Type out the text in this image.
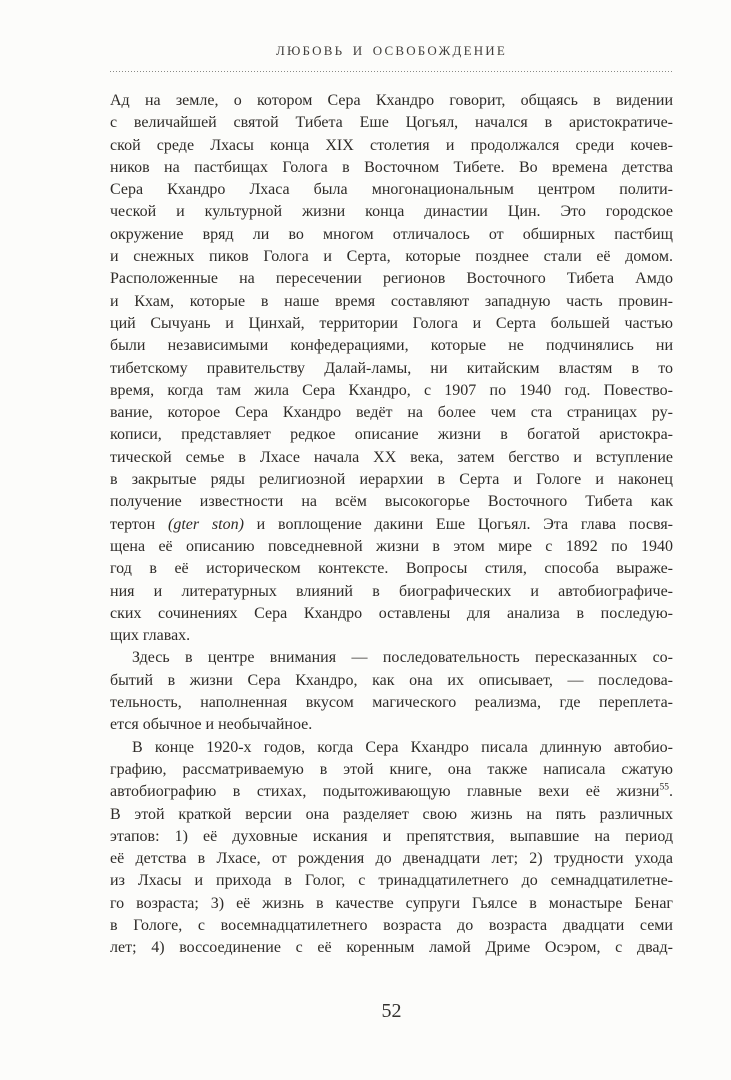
ЛЮБОВЬ И ОСВОБОЖДЕНИЕ
Ад на земле, о котором Сера Кхандро говорит, общаясь в видении
с величайшей святой Тибета Еше Цогьял, начался в аристократиче-
ской среде Лхасы конца XIX столетия и продолжался среди кочев-
ников на пастбищах Голога в Восточном Тибете. Во времена детства
Сера Кхандро Лхаса была многонациональным центром полити-
ческой и культурной жизни конца династии Цин. Это городское
окружение вряд ли во многом отличалось от обширных пастбищ
и снежных пиков Голога и Серта, которые позднее стали её домом.
Расположенные на пересечении регионов Восточного Тибета Амдо
и Кхам, которые в наше время составляют западную часть провин-
ций Сычуань и Цинхай, территории Голога и Серта большей частью
были независимыми конфедерациями, которые не подчинялись ни
тибетскому правительству Далай-ламы, ни китайским властям в то
время, когда там жила Сера Кхандро, с 1907 по 1940 год. Повество-
вание, которое Сера Кхандро ведёт на более чем ста страницах ру-
кописи, представляет редкое описание жизни в богатой аристокра-
тической семье в Лхасе начала XX века, затем бегство и вступление
в закрытые ряды религиозной иерархии в Серта и Гологе и наконец
получение известности на всём высокогорье Восточного Тибета как
тертон (gter ston) и воплощение дакини Еше Цогьял. Эта глава посвя-
щена её описанию повседневной жизни в этом мире с 1892 по 1940
год в её историческом контексте. Вопросы стиля, способа выраже-
ния и литературных влияний в биографических и автобиографиче-
ских сочинениях Сера Кхандро оставлены для анализа в последую-
щих главах.
Здесь в центре внимания — последовательность пересказанных со-
бытий в жизни Сера Кхандро, как она их описывает, — последова-
тельность, наполненная вкусом магического реализма, где переплета-
ется обычное и необычайное.
В конце 1920-х годов, когда Сера Кхандро писала длинную автобио-
графию, рассматриваемую в этой книге, она также написала сжатую
автобиографию в стихах, подытоживающую главные вехи её жизни$^{55}$.
В этой краткой версии она разделяет свою жизнь на пять различных
этапов: 1) её духовные искания и препятствия, выпавшие на период
её детства в Лхасе, от рождения до двенадцати лет; 2) трудности ухода
из Лхасы и прихода в Голог, с тринадцатилетнего до семнадцатилетне-
го возраста; 3) её жизнь в качестве супруги Гьялсе в монастыре Бенаг
в Гологе, с восемнадцатилетнего возраста до возраста двадцати семи
лет; 4) воссоединение с её коренным ламой Дриме Осэром, с двад-
52
